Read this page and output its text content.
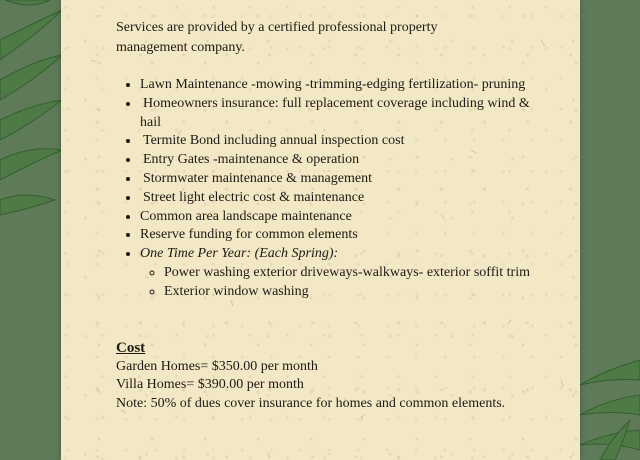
Services are provided by a certified professional property management company.

• Lawn Maintenance -mowing -trimming-edging fertilization- pruning
• Homeowners insurance: full replacement coverage including wind & hail
• Termite Bond including annual inspection cost
• Entry Gates -maintenance & operation
• Stormwater maintenance & management
• Street light electric cost & maintenance
• Common area landscape maintenance
• Reserve funding for common elements
• One Time Per Year: (Each Spring):
◦ Power washing exterior driveways-walkways- exterior soffit trim
◦ Exterior window washing

Cost

Garden Homes= $350.00 per month

Villa Homes= $390.00 per month

Note: 50% of dues cover insurance for homes and common elements.
